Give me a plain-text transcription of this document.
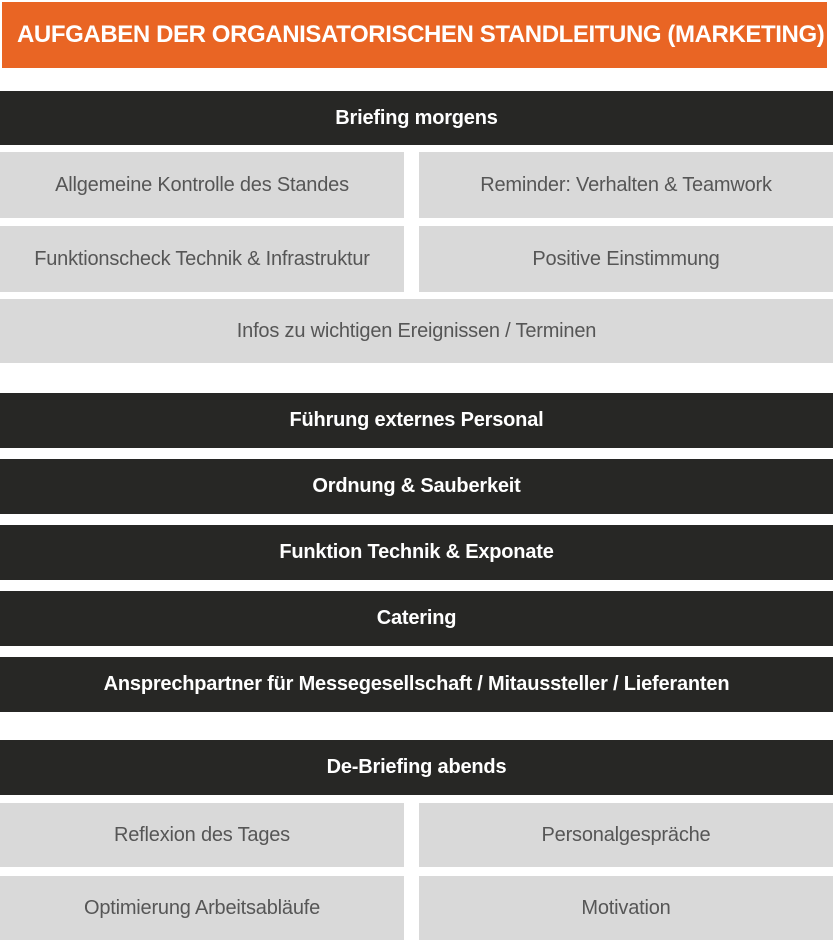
AUFGABEN DER ORGANISATORISCHEN STANDLEITUNG (MARKETING)
Briefing morgens
Allgemeine Kontrolle des Standes	Reminder: Verhalten & Teamwork
Funktionscheck Technik & Infrastruktur	Positive Einstimmung
Infos zu wichtigen Ereignissen / Terminen
Führung externes Personal
Ordnung & Sauberkeit
Funktion Technik & Exponate
Catering
Ansprechpartner für Messegesellschaft / Mitaussteller / Lieferanten
De-Briefing abends
Reflexion des Tages	Personalgespräche
Optimierung Arbeitsabläufe	Motivation
